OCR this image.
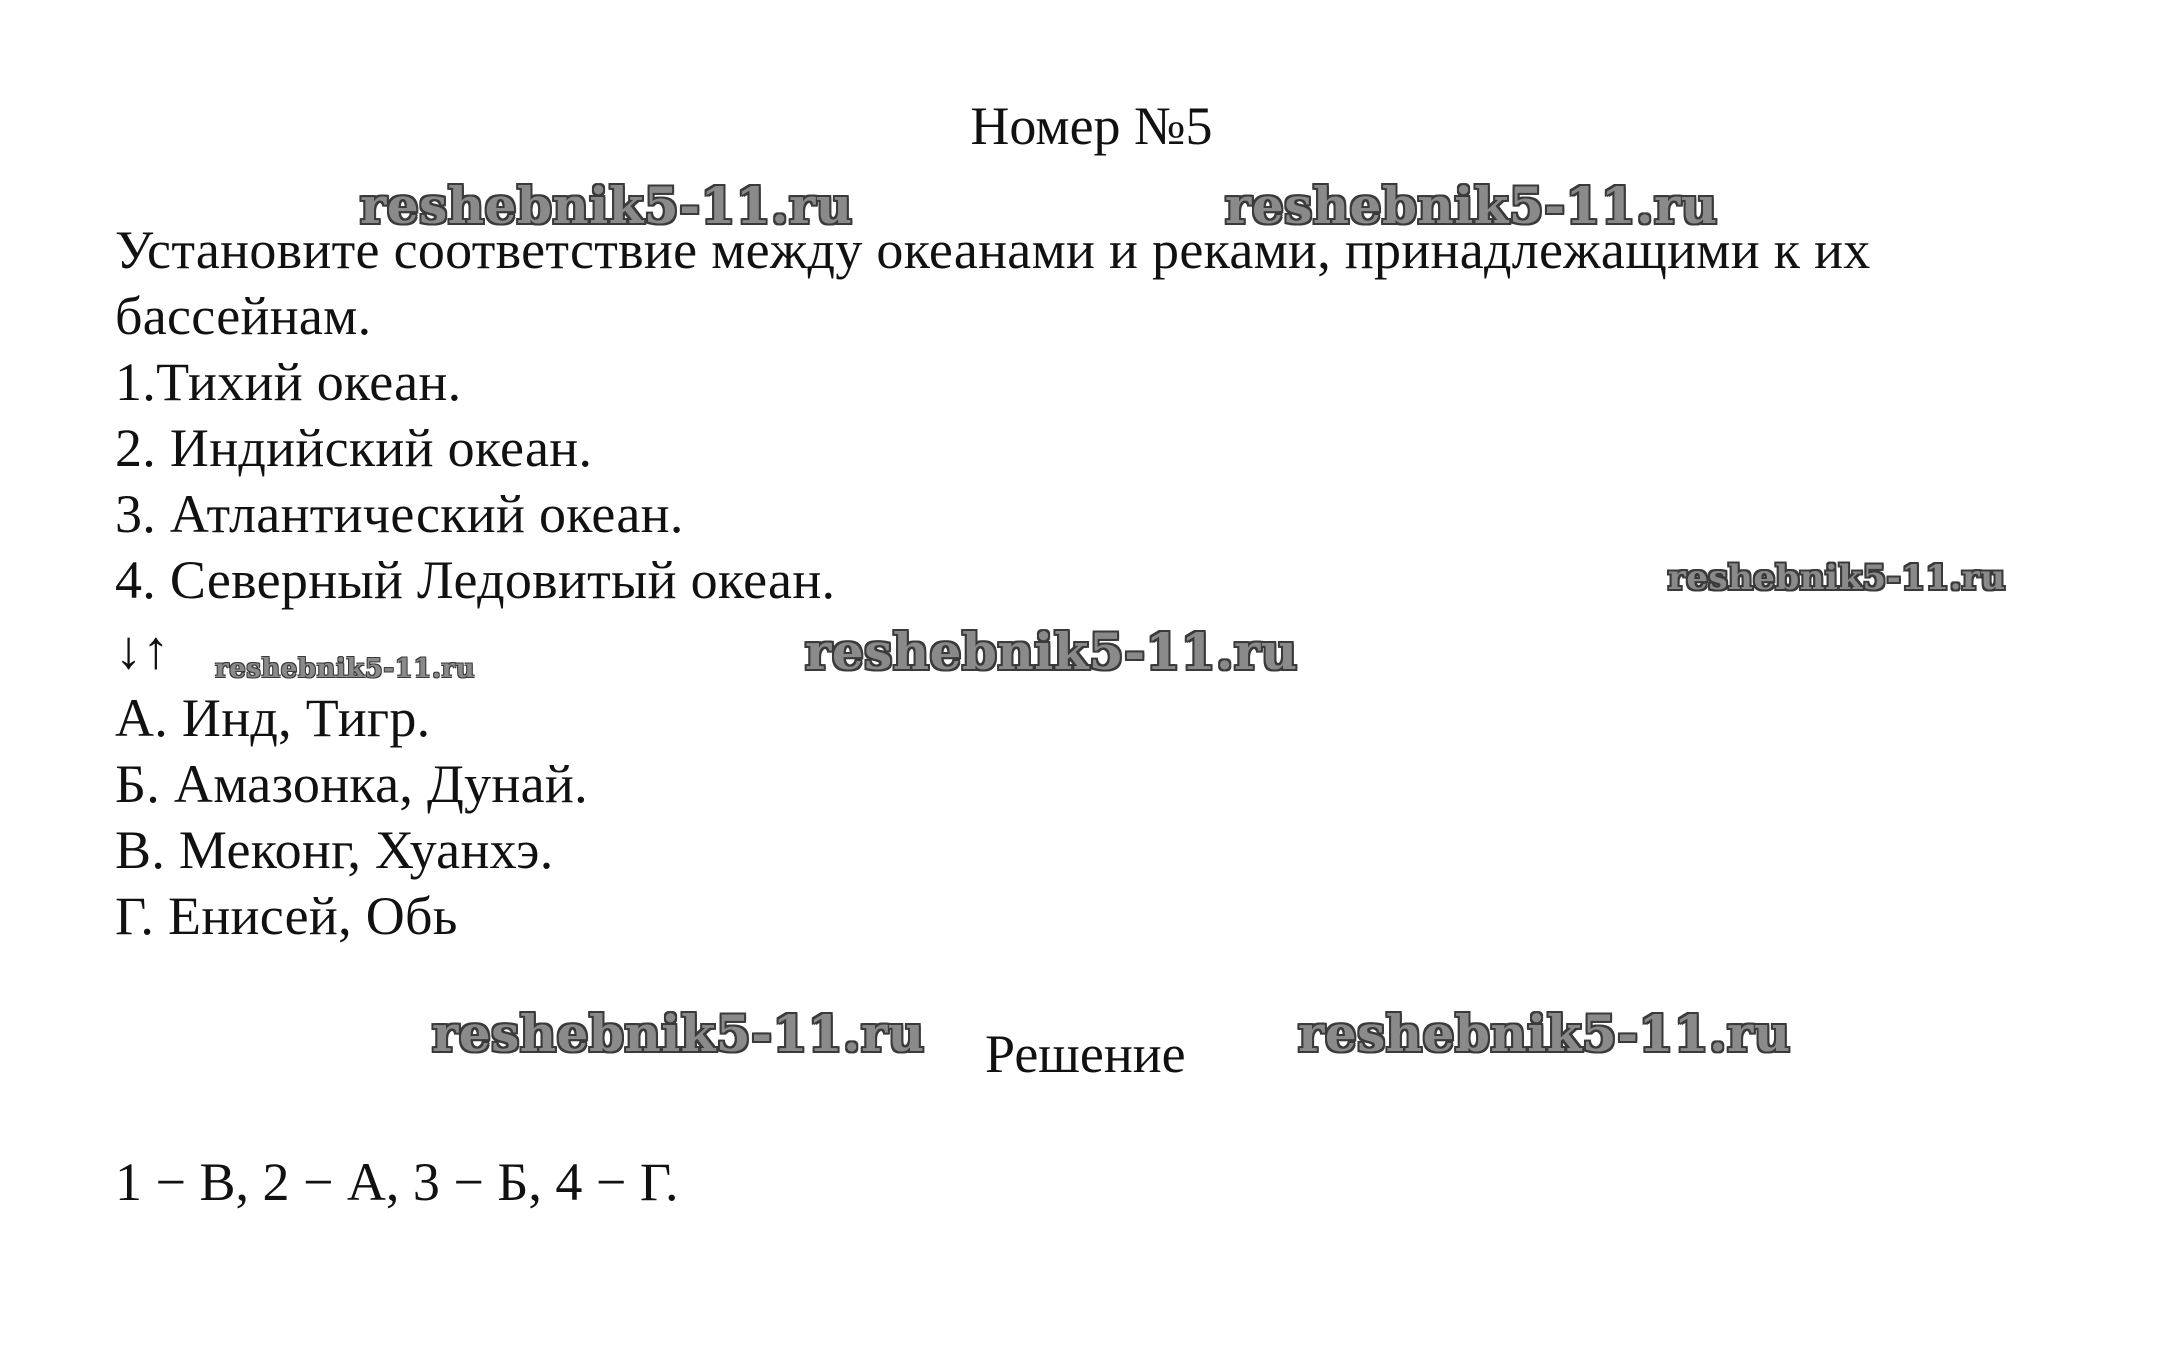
Номер №5
reshebnik5-11.ru	reshebnik5-11.ru
Установите соответствие между океанами и реками, принадлежащими к их
бассейнам.
1.Тихий океан.
2. Индийский океан.
3. Атлантический океан.
4. Северный Ледовитый океан.	reshebnik5-11.ru
↓↑ reshebnik5-11.ru	reshebnik5-11.ru
А. Инд, Тигр.
Б. Амазонка, Дунай.
В. Меконг, Хуанхэ.
Г. Енисей, Обь
reshebnik5-11.ru Решение reshebnik5-11.ru
1 − В, 2 − А, 3 − Б, 4 − Г.
